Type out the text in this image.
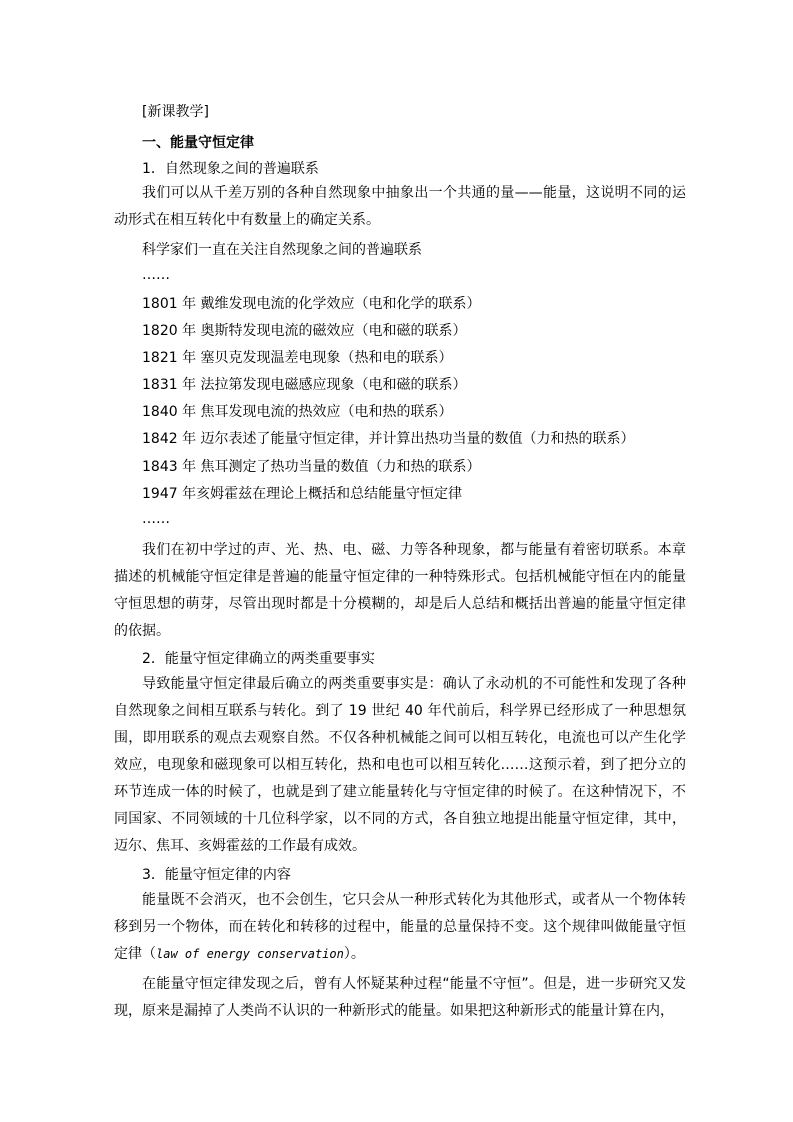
[新课教学]
一、能量守恒定律
1．自然现象之间的普遍联系
我们可以从千差万别的各种自然现象中抽象出一个共通的量——能量，这说明不同的运动形式在相互转化中有数量上的确定关系。
科学家们一直在关注自然现象之间的普遍联系
……
1801 年 戴维发现电流的化学效应（电和化学的联系）
1820 年 奥斯特发现电流的磁效应（电和磁的联系）
1821 年 塞贝克发现温差电现象（热和电的联系）
1831 年 法拉第发现电磁感应现象（电和磁的联系）
1840 年 焦耳发现电流的热效应（电和热的联系）
1842 年 迈尔表述了能量守恒定律，并计算出热功当量的数值（力和热的联系）
1843 年 焦耳测定了热功当量的数值（力和热的联系）
1947 年亥姆霍兹在理论上概括和总结能量守恒定律
……
我们在初中学过的声、光、热、电、磁、力等各种现象，都与能量有着密切联系。本章描述的机械能守恒定律是普遍的能量守恒定律的一种特殊形式。包括机械能守恒在内的能量守恒思想的萌芽，尽管出现时都是十分模糊的，却是后人总结和概括出普遍的能量守恒定律的依据。
2．能量守恒定律确立的两类重要事实
导致能量守恒定律最后确立的两类重要事实是：确认了永动机的不可能性和发现了各种自然现象之间相互联系与转化。到了 19 世纪 40 年代前后，科学界已经形成了一种思想氛围，即用联系的观点去观察自然。不仅各种机械能之间可以相互转化，电流也可以产生化学效应，电现象和磁现象可以相互转化，热和电也可以相互转化……这预示着，到了把分立的环节连成一体的时候了，也就是到了建立能量转化与守恒定律的时候了。在这种情况下，不同国家、不同领域的十几位科学家，以不同的方式，各自独立地提出能量守恒定律，其中，迈尔、焦耳、亥姆霍兹的工作最有成效。
3．能量守恒定律的内容
能量既不会消灭，也不会创生，它只会从一种形式转化为其他形式，或者从一个物体转移到另一个物体，而在转化和转移的过程中，能量的总量保持不变。这个规律叫做能量守恒定律（law of energy conservation）。
在能量守恒定律发现之后，曾有人怀疑某种过程“能量不守恒”。但是，进一步研究又发现，原来是漏掉了人类尚不认识的一种新形式的能量。如果把这种新形式的能量计算在内，
